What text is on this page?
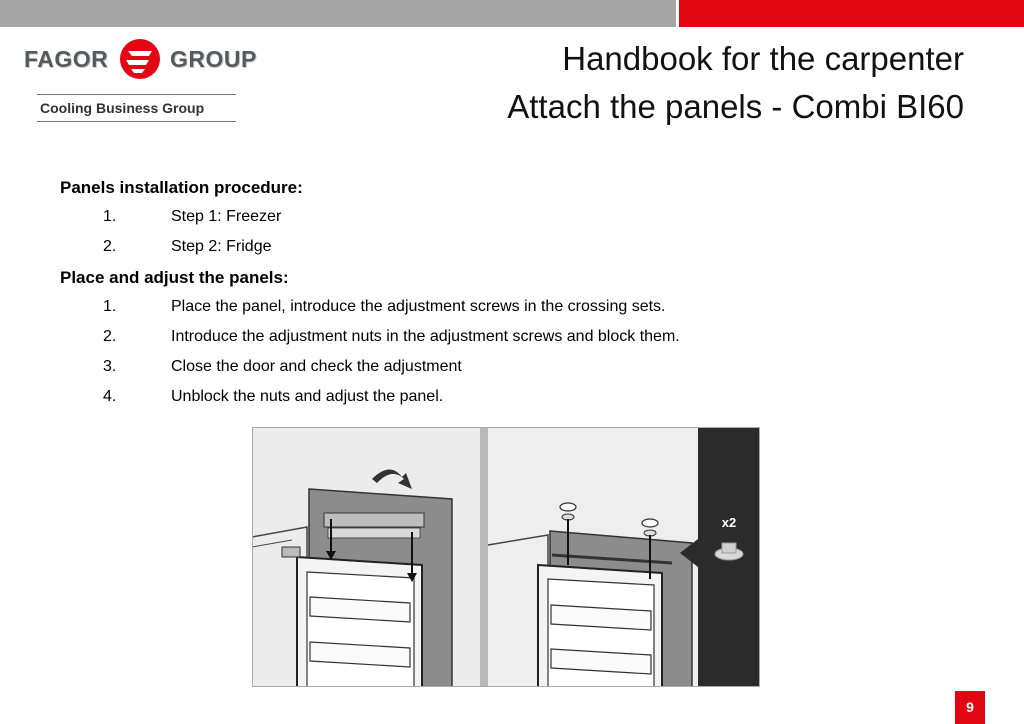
FAGOR	GROUP
Cooling Business Group
Handbook for the carpenter
Attach the panels - Combi BI60
Panels installation procedure:
1.	Step 1: Freezer
2.	Step 2: Fridge
Place and adjust the panels:
1.	Place the panel, introduce the adjustment screws in the crossing sets.
2.	Introduce the adjustment nuts in the adjustment screws and block them.
3.	Close the door and check the adjustment
4.	Unblock the nuts and adjust the panel.
x2
9
